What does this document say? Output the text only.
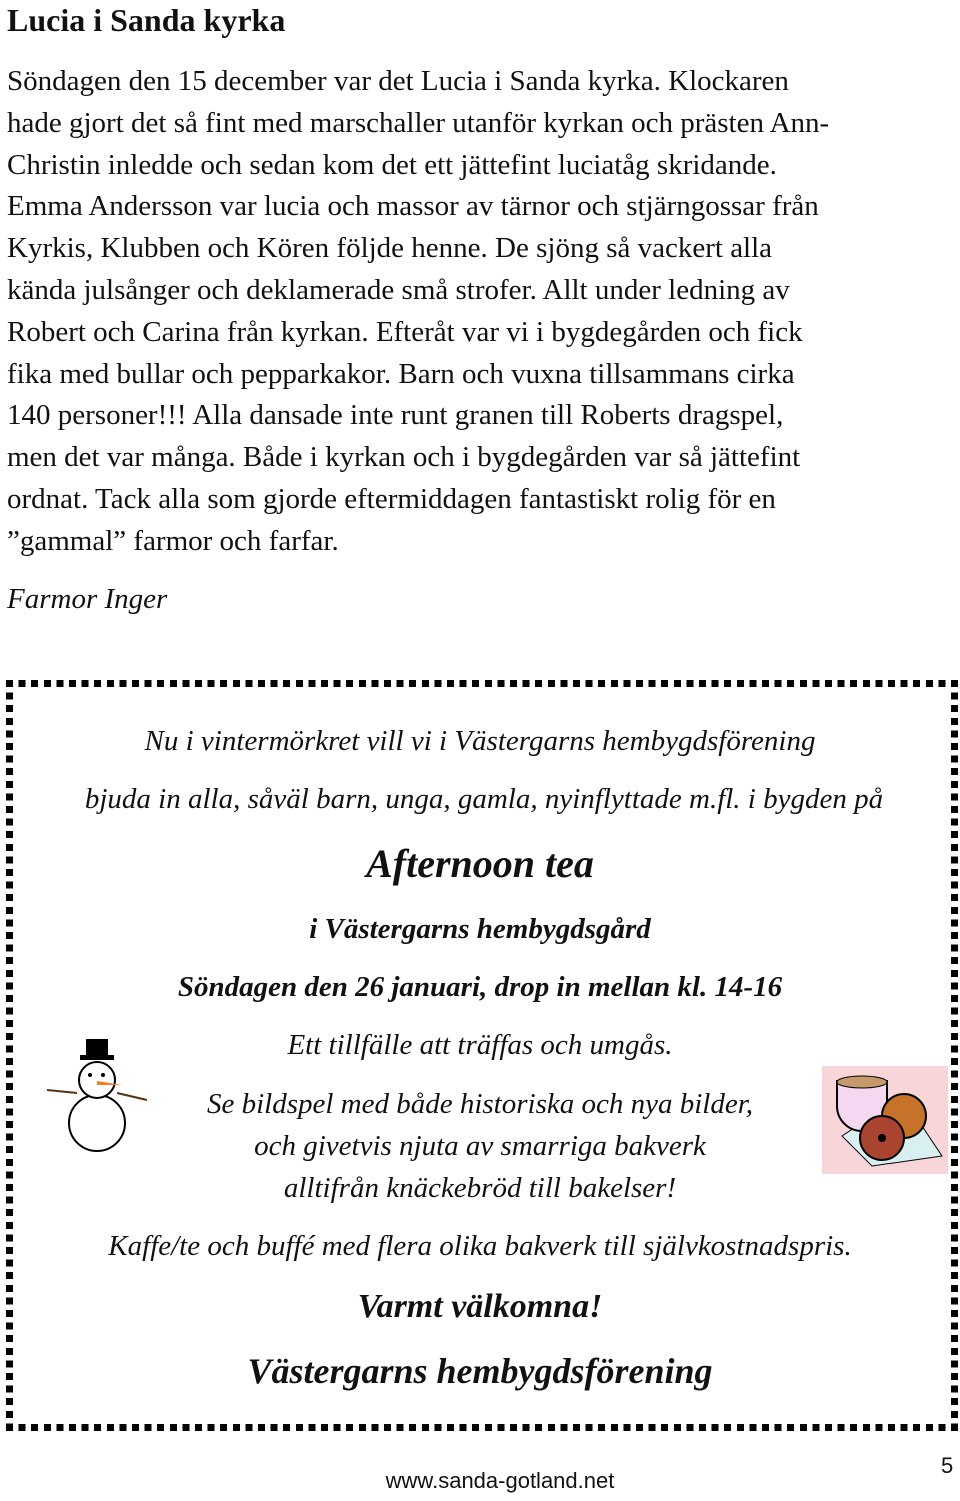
Lucia i Sanda kyrka
Söndagen den 15 december var det Lucia i Sanda kyrka. Klockaren
hade gjort det så fint med marschaller utanför kyrkan och prästen Ann-
Christin inledde och sedan kom det ett jättefint luciatåg skridande.
Emma Andersson var lucia och massor av tärnor och stjärngossar från
Kyrkis, Klubben och Kören följde henne. De sjöng så vackert alla
kända julsånger och deklamerade små strofer. Allt under ledning av
Robert och Carina från kyrkan. Efteråt var vi i bygdegården och fick
fika med bullar och pepparkakor. Barn och vuxna tillsammans cirka
140 personer!!! Alla dansade inte runt granen till Roberts dragspel,
men det var många. Både i kyrkan och i bygdegården var så jättefint
ordnat. Tack alla som gjorde eftermiddagen fantastiskt rolig för en
”gammal” farmor och farfar.
Farmor Inger
Nu i vintermörkret vill vi i Västergarns hembygdsförening
bjuda in alla, såväl barn, unga, gamla, nyinflyttade m.fl. i bygden på
Afternoon tea
i Västergarns hembygdsgård
Söndagen den 26 januari, drop in mellan kl. 14-16
Ett tillfälle att träffas och umgås.
Se bildspel med både historiska och nya bilder,
och givetvis njuta av smarriga bakverk
alltifrån knäckebröd till bakelser!
Kaffe/te och buffé med flera olika bakverk till självkostnadspris.
Varmt välkomna!
Västergarns hembygdsförening
www.sanda-gotland.net
5
